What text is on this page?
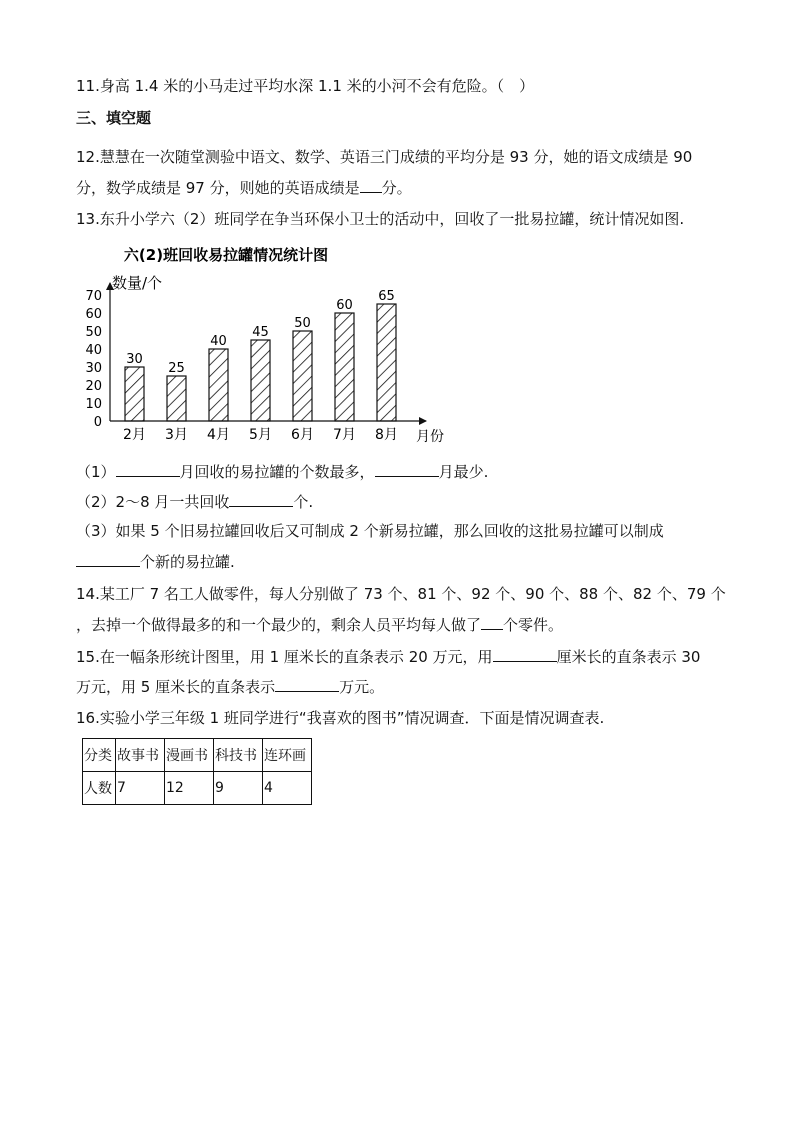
11.身高 1.4 米的小马走过平均水深 1.1 米的小河不会有危险。（　）
三、填空题
12.慧慧在一次随堂测验中语文、数学、英语三门成绩的平均分是 93 分，她的语文成绩是 90
分，数学成绩是 97 分，则她的英语成绩是 分。
13.东升小学六（2）班同学在争当环保小卫士的活动中，回收了一批易拉罐，统计情况如图.
六(2)班回收易拉罐情况统计图
数量/个
月份
0
10
20
30
40
50
60
70
30
2月
25
3月
40
4月
45
5月
50
6月
60
7月
65
8月
（1）	月回收的易拉罐的个数最多，	月最少.
（2）2～8 月一共回收	个.
（3）如果 5 个旧易拉罐回收后又可制成 2 个新易拉罐，那么回收的这批易拉罐可以制成
个新的易拉罐.
14.某工厂 7 名工人做零件，每人分别做了 73 个、81 个、92 个、90 个、88 个、82 个、79 个
，去掉一个做得最多的和一个最少的，剩余人员平均每人做了 个零件。
15.在一幅条形统计图里，用 1 厘米长的直条表示 20 万元，用	厘米长的直条表示 30
万元，用 5 厘米长的直条表示	万元。
16.实验小学三年级 1 班同学进行“我喜欢的图书”情况调查．下面是情况调查表.
分类	故事书	漫画书	科技书	连环画
人数	7	12	9	4
